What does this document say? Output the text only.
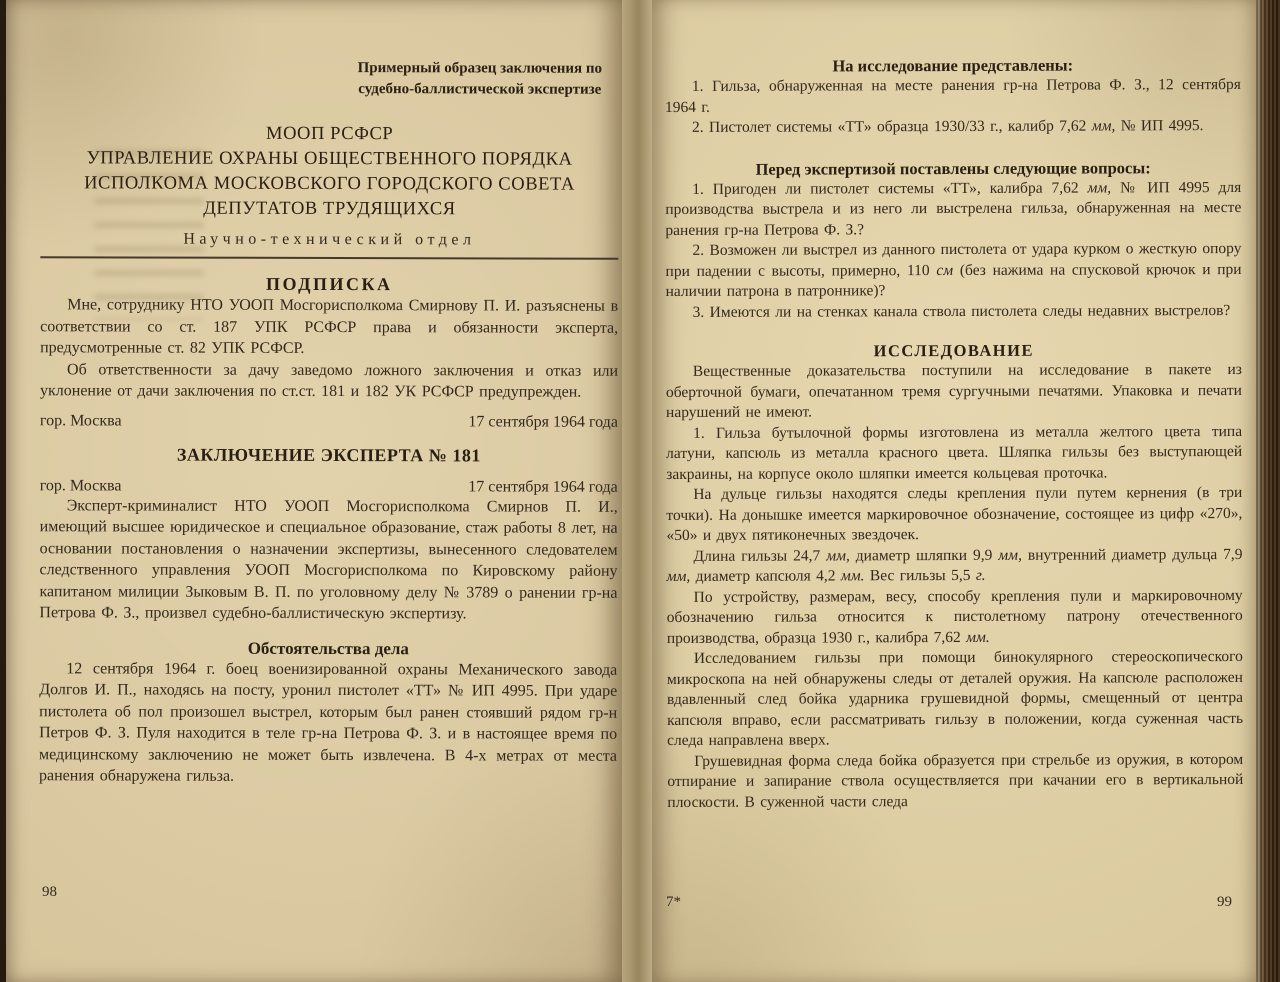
Примерный образец заключения по
судебно-баллистической экспертизе
МООП РСФСР
УПРАВЛЕНИЕ ОХРАНЫ ОБЩЕСТВЕННОГО ПОРЯДКА
ИСПОЛКОМА МОСКОВСКОГО ГОРОДСКОГО СОВЕТА
ДЕПУТАТОВ ТРУДЯЩИХСЯ
Научно-технический отдел
ПОДПИСКА

Мне, сотруднику НТО УООП Мосгорисполкома Смирнову П. И. разъяснены в соответствии со ст. 187 УПК РСФСР права и обязанности эксперта, предусмотренные ст. 82 УПК РСФСР.

Об ответственности за дачу заведомо ложного заключения и отказ или уклонение от дачи заключения по ст.ст. 181 и 182 УК РСФСР предупрежден.

гор. Москва	17 сентября 1964 года
ЗАКЛЮЧЕНИЕ ЭКСПЕРТА № 181
гор. Москва	17 сентября 1964 года

Эксперт-криминалист НТО УООП Мосгорисполкома Смирнов П. И., имеющий высшее юридическое и специальное образование, стаж работы 8 лет, на основании постановления о назначении экспертизы, вынесенного следователем следственного управления УООП Мосгорисполкома по Кировскому району капитаном милиции Зыковым В. П. по уголовному делу № 3789 о ранении гр-на Петрова Ф. З., произвел судебно-баллистическую экспертизу.

Обстоятельства дела

12 сентября 1964 г. боец военизированной охраны Механического завода Долгов И. П., находясь на посту, уронил пистолет «ТТ» № ИП 4995. При ударе пистолета об пол произошел выстрел, которым был ранен стоявший рядом гр-н Петров Ф. З. Пуля находится в теле гр-на Петрова Ф. З. и в настоящее время по медицинскому заключению не может быть извлечена. В 4-х метрах от места ранения обнаружена гильза.

98
На исследование представлены:

1. Гильза, обнаруженная на месте ранения гр-на Петрова Ф. З., 12 сентября 1964 г.

2. Пистолет системы «ТТ» образца 1930/33 г., калибр 7,62 мм, № ИП 4995.

Перед экспертизой поставлены следующие вопросы:

1. Пригоден ли пистолет системы «ТТ», калибра 7,62 мм, № ИП 4995 для производства выстрела и из него ли выстрелена гильза, обнаруженная на месте ранения гр-на Петрова Ф. З.?

2. Возможен ли выстрел из данного пистолета от удара курком о жесткую опору при падении с высоты, примерно, 110 см (без нажима на спусковой крючок и при наличии патрона в патроннике)?

3. Имеются ли на стенках канала ствола пистолета следы недавних выстрелов?

ИССЛЕДОВАНИЕ

Вещественные доказательства поступили на исследование в пакете из оберточной бумаги, опечатанном тремя сургучными печатями. Упаковка и печати нарушений не имеют.

1. Гильза бутылочной формы изготовлена из металла желтого цвета типа латуни, капсюль из металла красного цвета. Шляпка гильзы без выступающей закраины, на корпусе около шляпки имеется кольцевая проточка.

На дульце гильзы находятся следы крепления пули путем кернения (в три точки). На донышке имеется маркировочное обозначение, состоящее из цифр «270», «50» и двух пятиконечных звездочек.

Длина гильзы 24,7 мм, диаметр шляпки 9,9 мм, внутренний диаметр дульца 7,9 мм, диаметр капсюля 4,2 мм. Вес гильзы 5,5 г.

По устройству, размерам, весу, способу крепления пули и маркировочному обозначению гильза относится к пистолетному патрону отечественного производства, образца 1930 г., калибра 7,62 мм.

Исследованием гильзы при помощи бинокулярного стереоскопического микроскопа на ней обнаружены следы от деталей оружия. На капсюле расположен вдавленный след бойка ударника грушевидной формы, смещенный от центра капсюля вправо, если рассматривать гильзу в положении, когда суженная часть следа направлена вверх.

Грушевидная форма следа бойка образуется при стрельбе из оружия, в котором отпирание и запирание ствола осуществляется при качании его в вертикальной плоскости. В суженной части следа

7*	99
